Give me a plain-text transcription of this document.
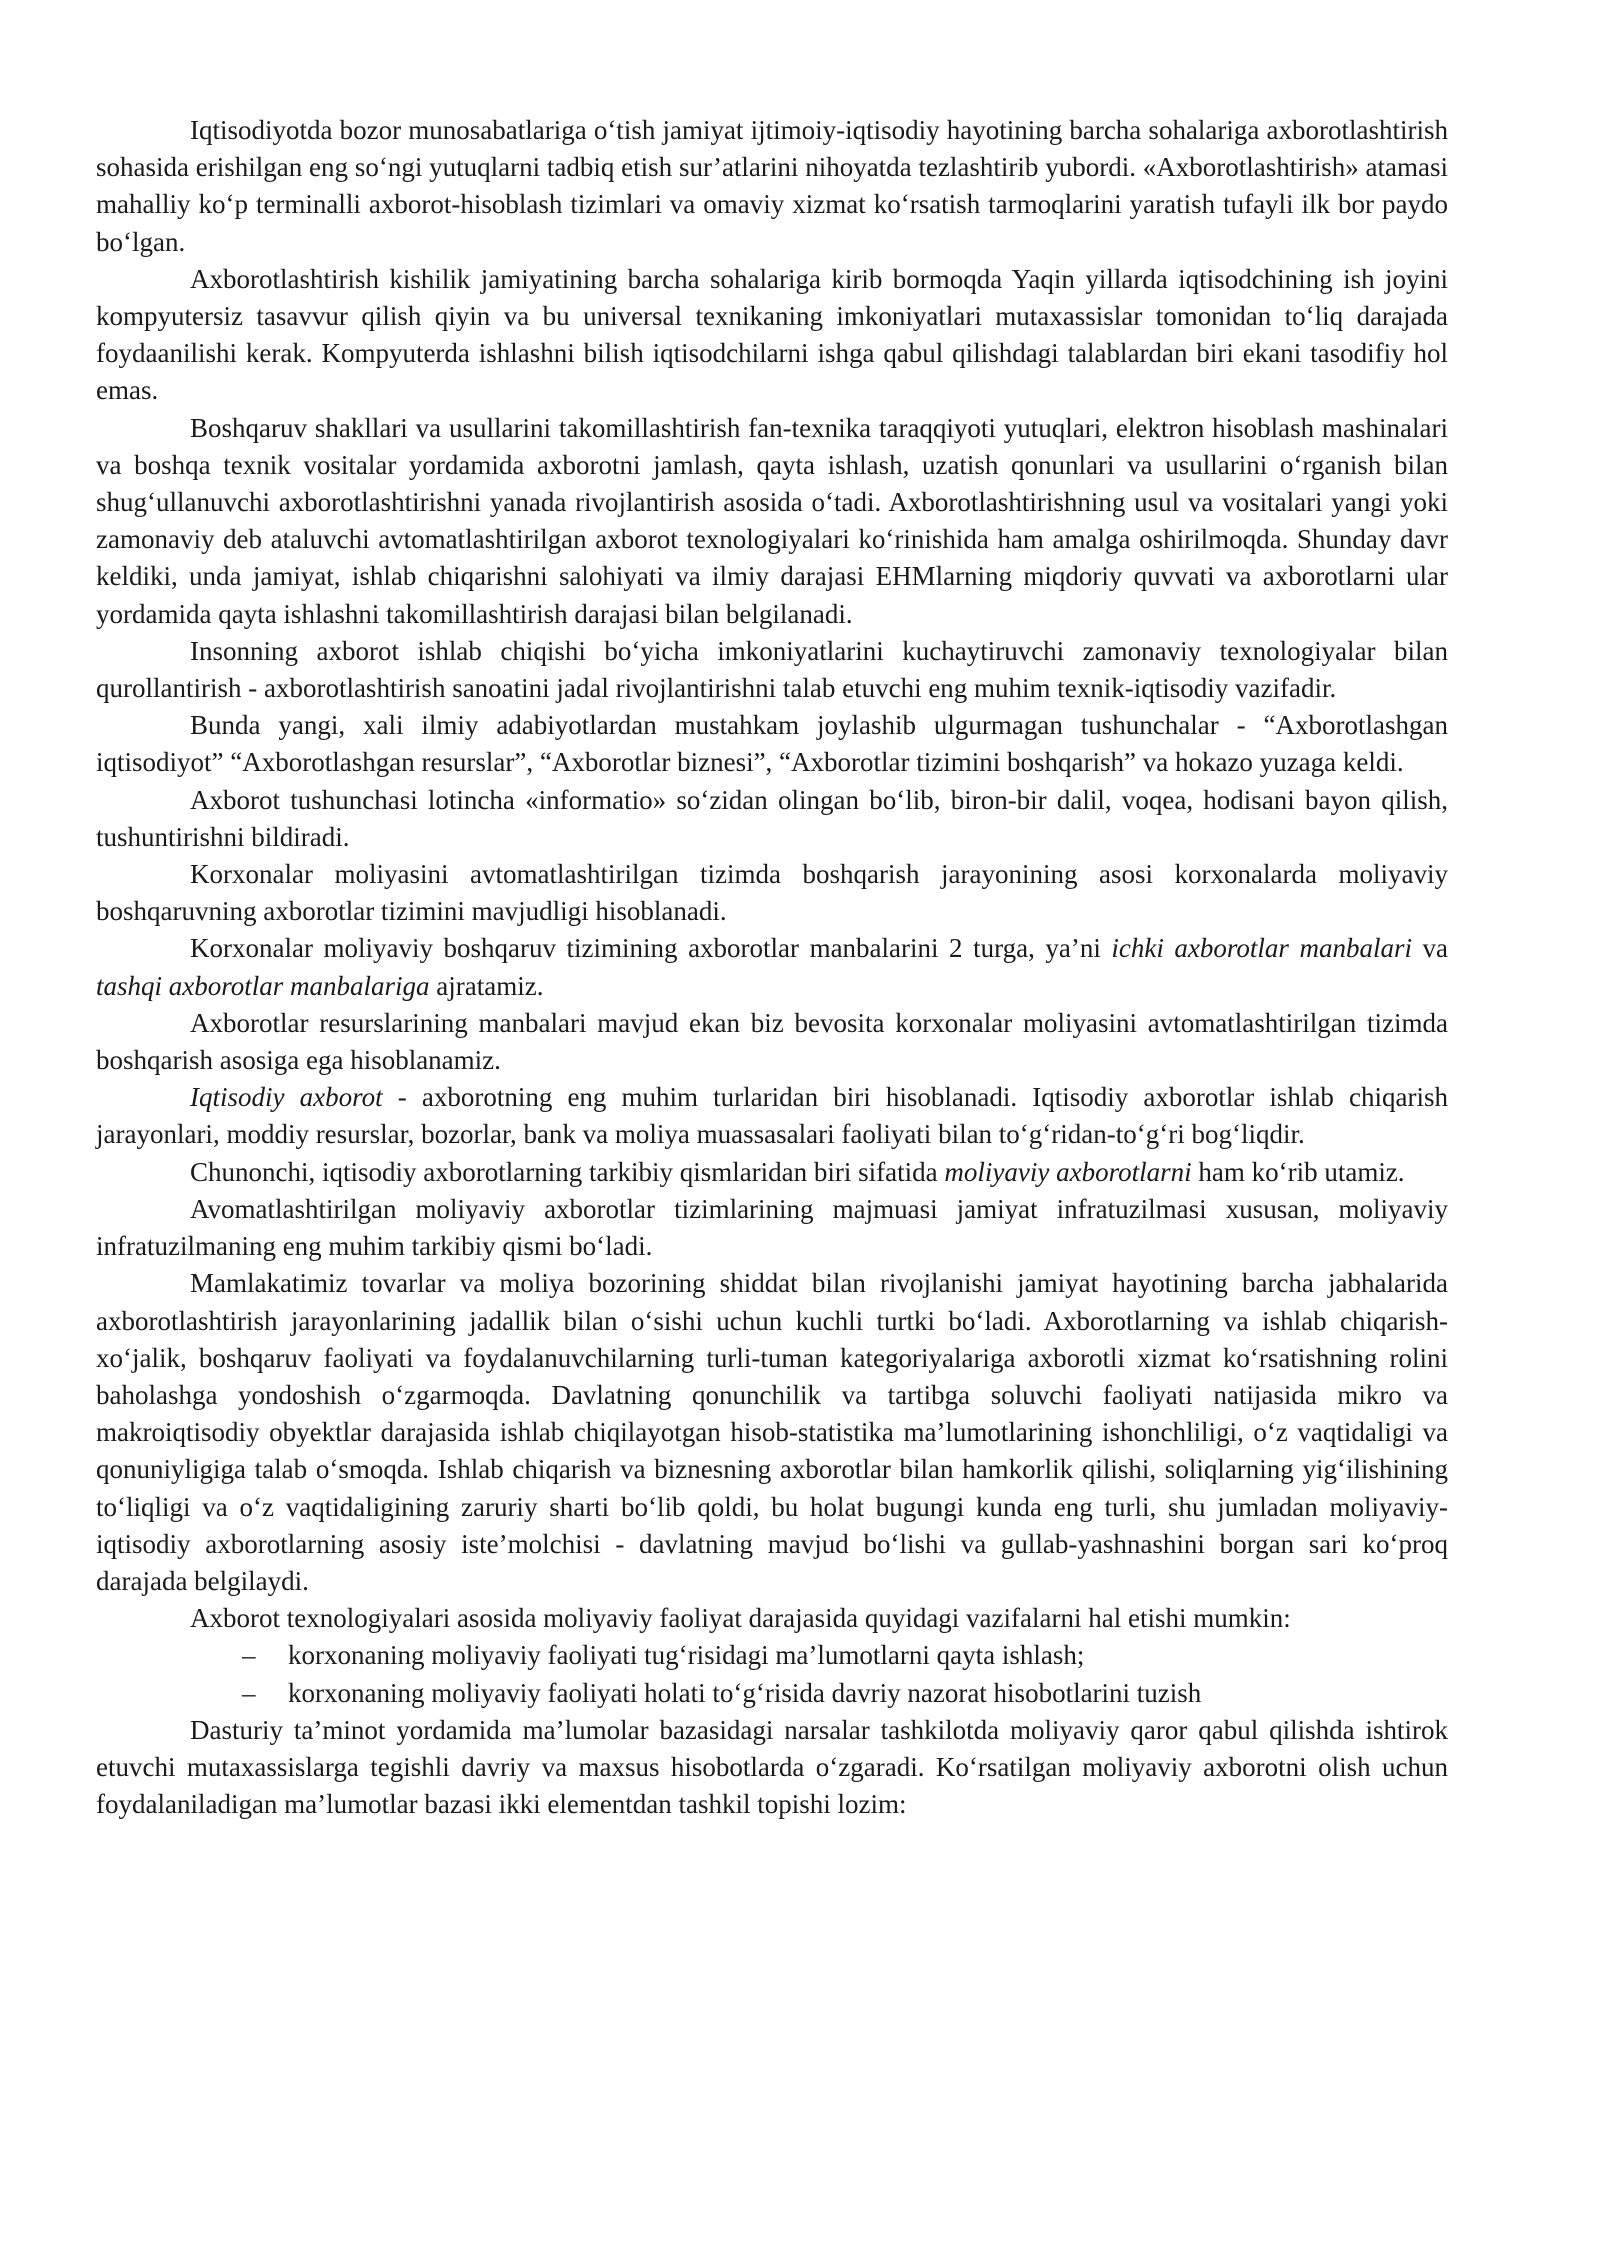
Iqtisodiyotda bozor munosabatlariga oʻtish jamiyat ijtimoiy-iqtisodiy hayotining barcha sohalariga axborotlashtirish sohasida erishilgan eng soʻngi yutuqlarni tadbiq etish sur’atlarini nihoyatda tezlashtirib yubordi. «Axborotlashtirish» atamasi mahalliy koʻp terminalli axborot-hisoblash tizimlari va omaviy xizmat koʻrsatish tarmoqlarini yaratish tufayli ilk bor paydo boʻlgan.

Axborotlashtirish kishilik jamiyatining barcha sohalariga kirib bormoqda Yaqin yillarda iqtisodchining ish joyini kompyutersiz tasavvur qilish qiyin va bu universal texnikaning imkoniyatlari mutaxassislar tomonidan toʻliq darajada foydaanilishi kerak. Kompyuterda ishlashni bilish iqtisodchilarni ishga qabul qilishdagi talablardan biri ekani tasodifiy hol emas.

Boshqaruv shakllari va usullarini takomillashtirish fan-texnika taraqqiyoti yutuqlari, elektron hisoblash mashinalari va boshqa texnik vositalar yordamida axborotni jamlash, qayta ishlash, uzatish qonunlari va usullarini oʻrganish bilan shugʻullanuvchi axborotlashtirishni yanada rivojlantirish asosida oʻtadi. Axborotlashtirishning usul va vositalari yangi yoki zamonaviy deb ataluvchi avtomatlashtirilgan axborot texnologiyalari koʻrinishida ham amalga oshirilmoqda. Shunday davr keldiki, unda jamiyat, ishlab chiqarishni salohiyati va ilmiy darajasi EHMlarning miqdoriy quvvati va axborotlarni ular yordamida qayta ishlashni takomillashtirish darajasi bilan belgilanadi.

Insonning axborot ishlab chiqishi boʻyicha imkoniyatlarini kuchaytiruvchi zamonaviy texnologiyalar bilan qurollantirish - axborotlashtirish sanoatini jadal rivojlantirishni talab etuvchi eng muhim texnik-iqtisodiy vazifadir.

Bunda yangi, xali ilmiy adabiyotlardan mustahkam joylashib ulgurmagan tushunchalar - “Axborotlashgan iqtisodiyot” “Axborotlashgan resurslar”, “Axborotlar biznesi”, “Axborotlar tizimini boshqarish” va hokazo yuzaga keldi.

Axborot tushunchasi lotincha «informatio» soʻzidan olingan boʻlib, biron-bir dalil, voqea, hodisani bayon qilish, tushuntirishni bildiradi.

Korxonalar moliyasini avtomatlashtirilgan tizimda boshqarish jarayonining asosi korxonalarda moliyaviy boshqaruvning axborotlar tizimini mavjudligi hisoblanadi.

Korxonalar moliyaviy boshqaruv tizimining axborotlar manbalarini 2 turga, ya’ni ichki axborotlar manbalari va tashqi axborotlar manbalariga ajratamiz.

Axborotlar resurslarining manbalari mavjud ekan biz bevosita korxonalar moliyasini avtomatlashtirilgan tizimda boshqarish asosiga ega hisoblanamiz.

Iqtisodiy axborot - axborotning eng muhim turlaridan biri hisoblanadi. Iqtisodiy axborotlar ishlab chiqarish jarayonlari, moddiy resurslar, bozorlar, bank va moliya muassasalari faoliyati bilan toʻgʻridan-toʻgʻri bogʻliqdir.

Chunonchi, iqtisodiy axborotlarning tarkibiy qismlaridan biri sifatida moliyaviy axborotlarni ham koʻrib utamiz.

Avomatlashtirilgan moliyaviy axborotlar tizimlarining majmuasi jamiyat infratuzilmasi xususan, moliyaviy infratuzilmaning eng muhim tarkibiy qismi boʻladi.

Mamlakatimiz tovarlar va moliya bozorining shiddat bilan rivojlanishi jamiyat hayotining barcha jabhalarida axborotlashtirish jarayonlarining jadallik bilan oʻsishi uchun kuchli turtki boʻladi. Axborotlarning va ishlab chiqarish-xoʻjalik, boshqaruv faoliyati va foydalanuvchilarning turli-tuman kategoriyalariga axborotli xizmat koʻrsatishning rolini baholashga yondoshish oʻzgarmoqda. Davlatning qonunchilik va tartibga soluvchi faoliyati natijasida mikro va makroiqtisodiy obyektlar darajasida ishlab chiqilayotgan hisob-statistika ma’lumotlarining ishonchliligi, oʻz vaqtidaligi va qonuniyligiga talab oʻsmoqda. Ishlab chiqarish va biznesning axborotlar bilan hamkorlik qilishi, soliqlarning yigʻilishining toʻliqligi va oʻz vaqtidaligining zaruriy sharti boʻlib qoldi, bu holat bugungi kunda eng turli, shu jumladan moliyaviy-iqtisodiy axborotlarning asosiy iste’molchisi - davlatning mavjud boʻlishi va gullab-yashnashini borgan sari koʻproq darajada belgilaydi.

Axborot texnologiyalari asosida moliyaviy faoliyat darajasida quyidagi vazifalarni hal etishi mumkin:

– korxonaning moliyaviy faoliyati tugʻrisidagi ma’lumotlarni qayta ishlash;
– korxonaning moliyaviy faoliyati holati toʻgʻrisida davriy nazorat hisobotlarini tuzish

Dasturiy ta’minot yordamida ma’lumolar bazasidagi narsalar tashkilotda moliyaviy qaror qabul qilishda ishtirok etuvchi mutaxassislarga tegishli davriy va maxsus hisobotlarda oʻzgaradi. Koʻrsatilgan moliyaviy axborotni olish uchun foydalaniladigan ma’lumotlar bazasi ikki elementdan tashkil topishi lozim:
